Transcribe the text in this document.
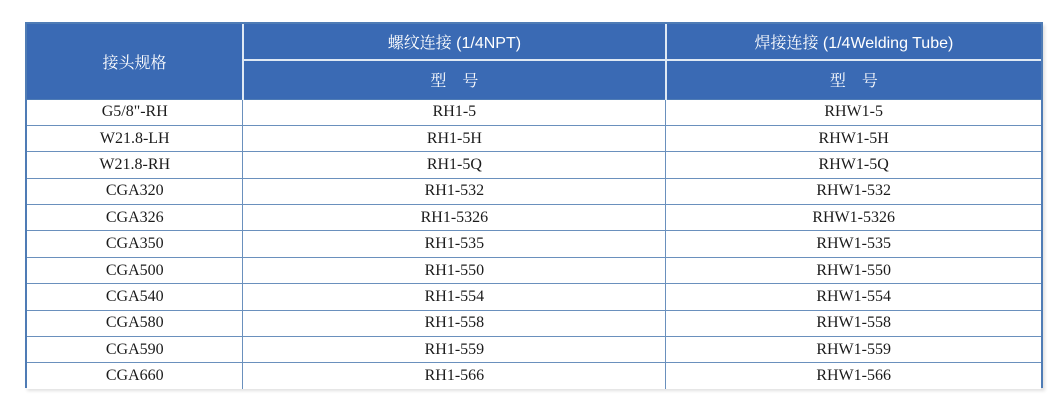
接头规格	螺纹连接 (1/4NPT)	焊接连接 (1/4Welding Tube)
	型　号	型　号
G5/8"-RH	RH1-5	RHW1-5
W21.8-LH	RH1-5H	RHW1-5H
W21.8-RH	RH1-5Q	RHW1-5Q
CGA320	RH1-532	RHW1-532
CGA326	RH1-5326	RHW1-5326
CGA350	RH1-535	RHW1-535
CGA500	RH1-550	RHW1-550
CGA540	RH1-554	RHW1-554
CGA580	RH1-558	RHW1-558
CGA590	RH1-559	RHW1-559
CGA660	RH1-566	RHW1-566
